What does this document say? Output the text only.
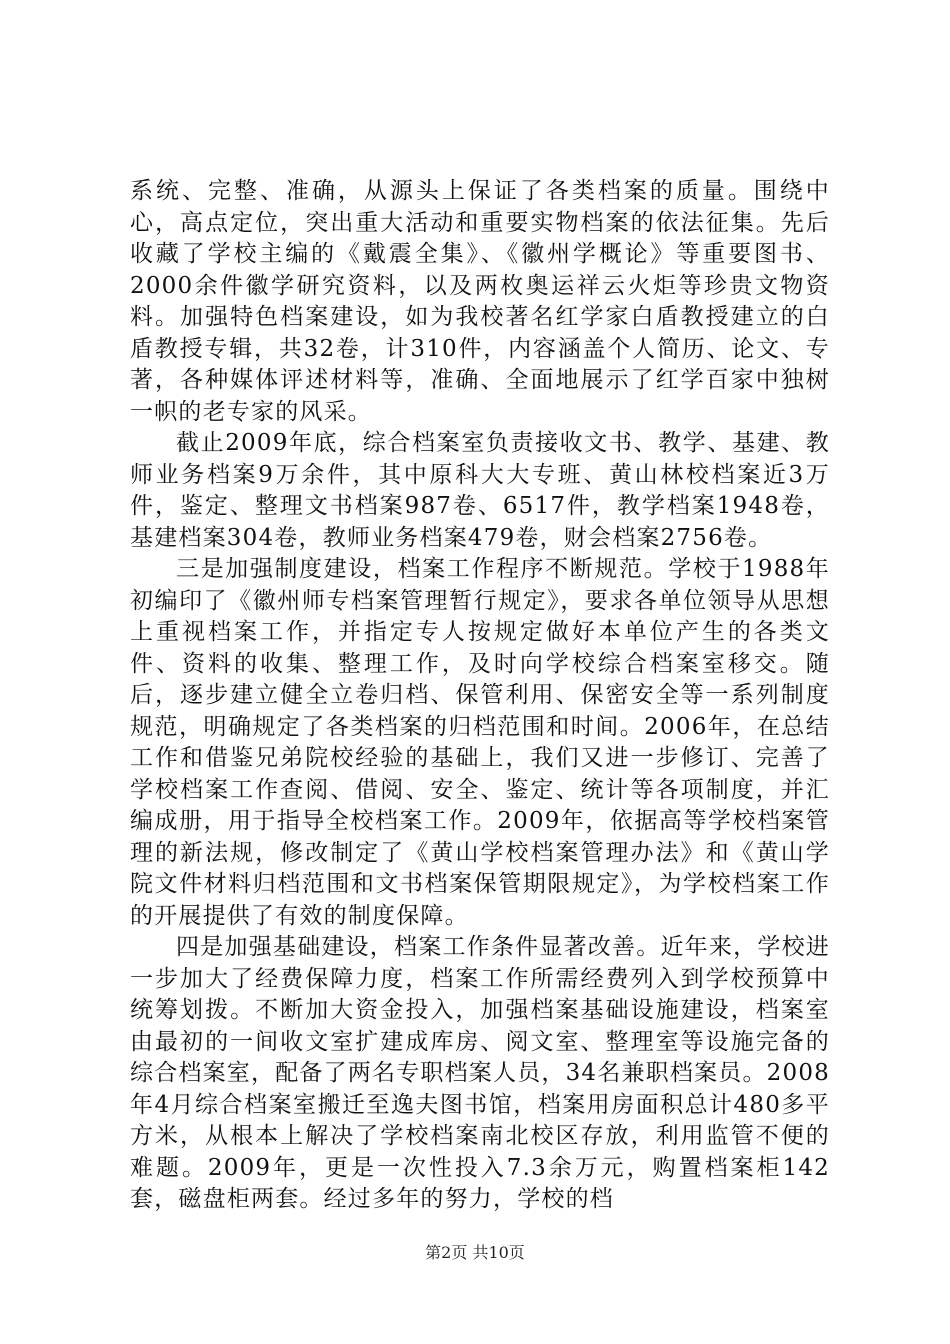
系统、完整、准确，从源头上保证了各类档案的质量。围绕中心，高点定位，突出重大活动和重要实物档案的依法征集。先后收藏了学校主编的《戴震全集》、《徽州学概论》等重要图书、2000余件徽学研究资料，以及两枚奥运祥云火炬等珍贵文物资料。加强特色档案建设，如为我校著名红学家白盾教授建立的白盾教授专辑，共32卷，计310件，内容涵盖个人简历、论文、专著，各种媒体评述材料等，准确、全面地展示了红学百家中独树一帜的老专家的风采。

截止2009年底，综合档案室负责接收文书、教学、基建、教师业务档案9万余件，其中原科大大专班、黄山林校档案近3万件，鉴定、整理文书档案987卷、6517件，教学档案1948卷，基建档案304卷，教师业务档案479卷，财会档案2756卷。

三是加强制度建设，档案工作程序不断规范。学校于1988年初编印了《徽州师专档案管理暂行规定》，要求各单位领导从思想上重视档案工作，并指定专人按规定做好本单位产生的各类文件、资料的收集、整理工作，及时向学校综合档案室移交。随后，逐步建立健全立卷归档、保管利用、保密安全等一系列制度规范，明确规定了各类档案的归档范围和时间。2006年，在总结工作和借鉴兄弟院校经验的基础上，我们又进一步修订、完善了学校档案工作查阅、借阅、安全、鉴定、统计等各项制度，并汇编成册，用于指导全校档案工作。2009年，依据高等学校档案管理的新法规，修改制定了《黄山学校档案管理办法》和《黄山学院文件材料归档范围和文书档案保管期限规定》，为学校档案工作的开展提供了有效的制度保障。

四是加强基础建设，档案工作条件显著改善。近年来，学校进一步加大了经费保障力度，档案工作所需经费列入到学校预算中统筹划拨。不断加大资金投入，加强档案基础设施建设，档案室由最初的一间收文室扩建成库房、阅文室、整理室等设施完备的综合档案室，配备了两名专职档案人员，34名兼职档案员。2008年4月综合档案室搬迁至逸夫图书馆，档案用房面积总计480多平方米，从根本上解决了学校档案南北校区存放，利用监管不便的难题。2009年，更是一次性投入7.3余万元，购置档案柜142套，磁盘柜两套。经过多年的努力，学校的档

第2页 共10页
